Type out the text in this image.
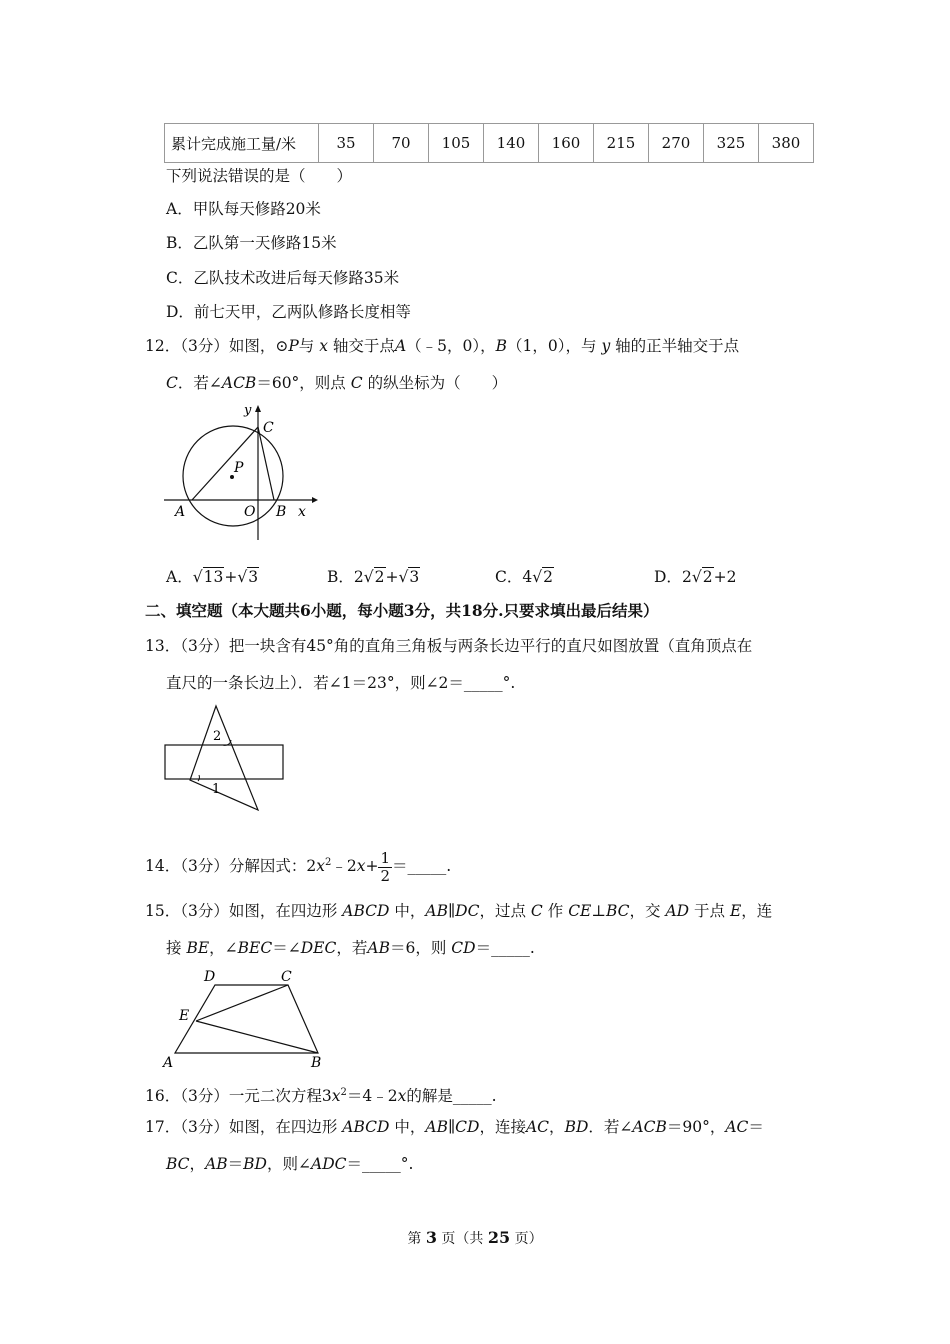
累计完成施工量/米	35	70	105	140	160	215	270	325	380
下列说法错误的是（　　）
A．甲队每天修路20米
B．乙队第一天修路15米
C．乙队技术改进后每天修路35米
D．前七天甲，乙两队修路长度相等
12．（3分）如图，⊙P与 x 轴交于点A（﹣5，0），B（1，0），与 y 轴的正半轴交于点
C．若∠ACB＝60°，则点 C 的纵坐标为（　　）
y
C
P
A	O B x
A．√13+√3	B．2√2+√3	C．4√2	D．2√2+2
二、填空题（本大题共6小题，每小题3分，共18分.只要求填出最后结果）
13．（3分）把一块含有45°角的直角三角板与两条长边平行的直尺如图放置（直角顶点在
直尺的一条长边上）．若∠1＝23°，则∠2＝_____°.
2
1
14．（3分）分解因式：$2x^2﹣2x+ \frac{1}{2}$ ＝_____.
15．（3分）如图，在四边形 ABCD 中，AB∥DC，过点 C 作 CE⊥BC，交 AD 于点 E，连
接 BE，∠BEC＝∠DEC，若AB＝6，则 CD＝_____.
D	C
E
A	B
16．（3分）一元二次方程$3x^2=4﹣2x$的解是_____.
17．（3分）如图，在四边形 ABCD 中，AB∥CD，连接AC，BD．若∠ACB＝90°，AC＝
BC，AB＝BD，则∠ADC＝_____°.
第 3 页（共 25 页）
